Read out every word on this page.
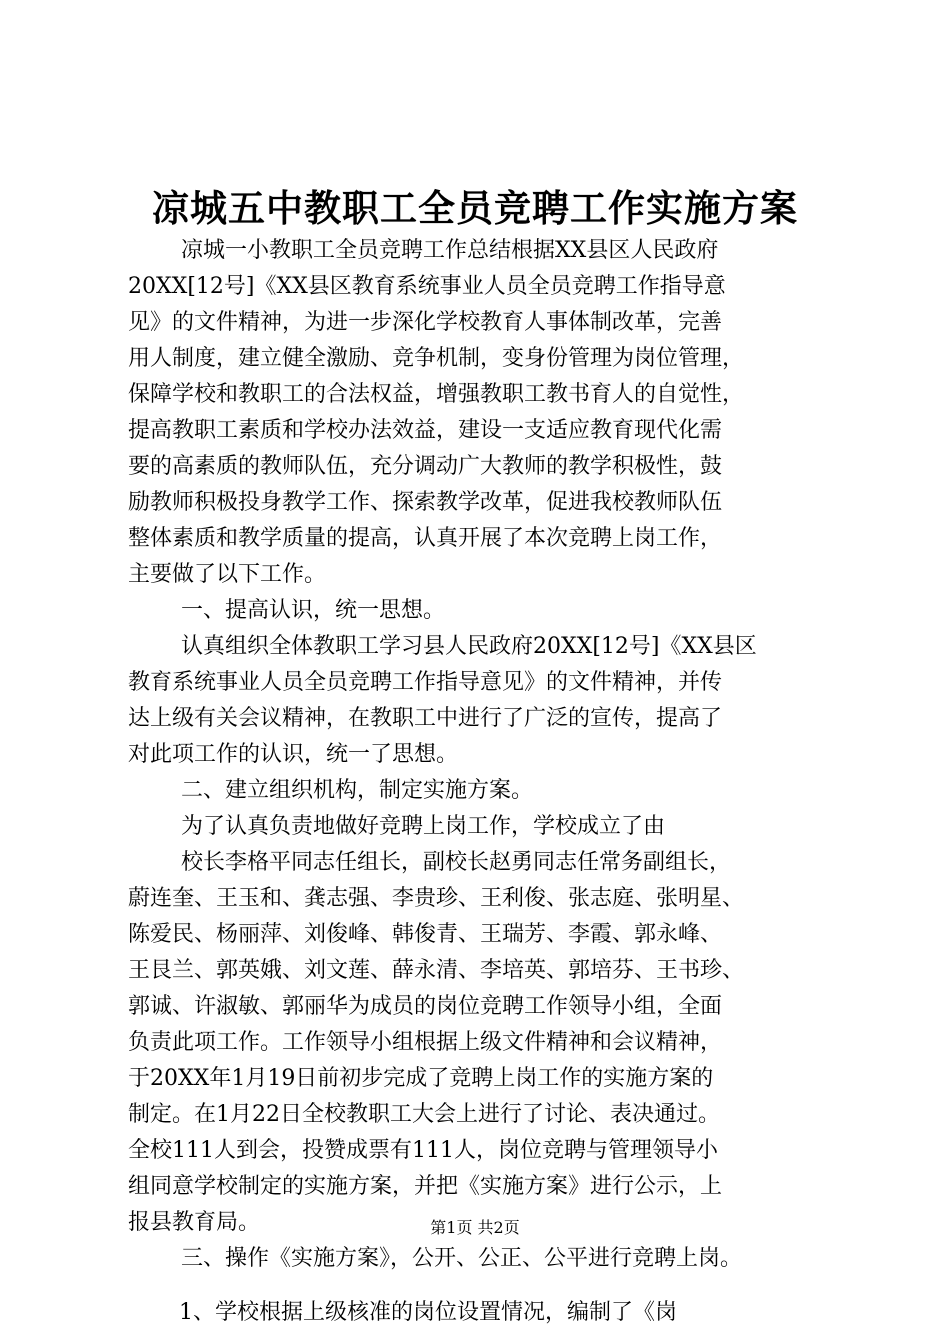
凉城五中教职工全员竞聘工作实施方案
凉城一小教职工全员竞聘工作总结根据XX县区人民政府
20XX[12号]《XX县区教育系统事业人员全员竞聘工作指导意
见》的文件精神，为进一步深化学校教育人事体制改革，完善
用人制度，建立健全激励、竞争机制，变身份管理为岗位管理，
保障学校和教职工的合法权益，增强教职工教书育人的自觉性，
提高教职工素质和学校办法效益，建设一支适应教育现代化需
要的高素质的教师队伍，充分调动广大教师的教学积极性，鼓
励教师积极投身教学工作、探索教学改革，促进我校教师队伍
整体素质和教学质量的提高，认真开展了本次竞聘上岗工作，
主要做了以下工作。
一、提高认识，统一思想。
认真组织全体教职工学习县人民政府20XX[12号]《XX县区
教育系统事业人员全员竞聘工作指导意见》的文件精神，并传
达上级有关会议精神，在教职工中进行了广泛的宣传，提高了
对此项工作的认识，统一了思想。
二、建立组织机构，制定实施方案。
为了认真负责地做好竞聘上岗工作，学校成立了由
校长李格平同志任组长，副校长赵勇同志任常务副组长，
蔚连奎、王玉和、龚志强、李贵珍、王利俊、张志庭、张明星、
陈爱民、杨丽萍、刘俊峰、韩俊青、王瑞芳、李霞、郭永峰、
王艮兰、郭英娥、刘文莲、薛永清、李培英、郭培芬、王书珍、
郭诚、许淑敏、郭丽华为成员的岗位竞聘工作领导小组，全面
负责此项工作。工作领导小组根据上级文件精神和会议精神，
于20XX年1月19日前初步完成了竞聘上岗工作的实施方案的
制定。在1月22日全校教职工大会上进行了讨论、表决通过。
全校111人到会，投赞成票有111人，岗位竞聘与管理领导小
组同意学校制定的实施方案，并把《实施方案》进行公示，上
报县教育局。
三、操作《实施方案》，公开、公正、公平进行竞聘上岗。
1、学校根据上级核准的岗位设置情况，编制了《岗
第1页 共2页
